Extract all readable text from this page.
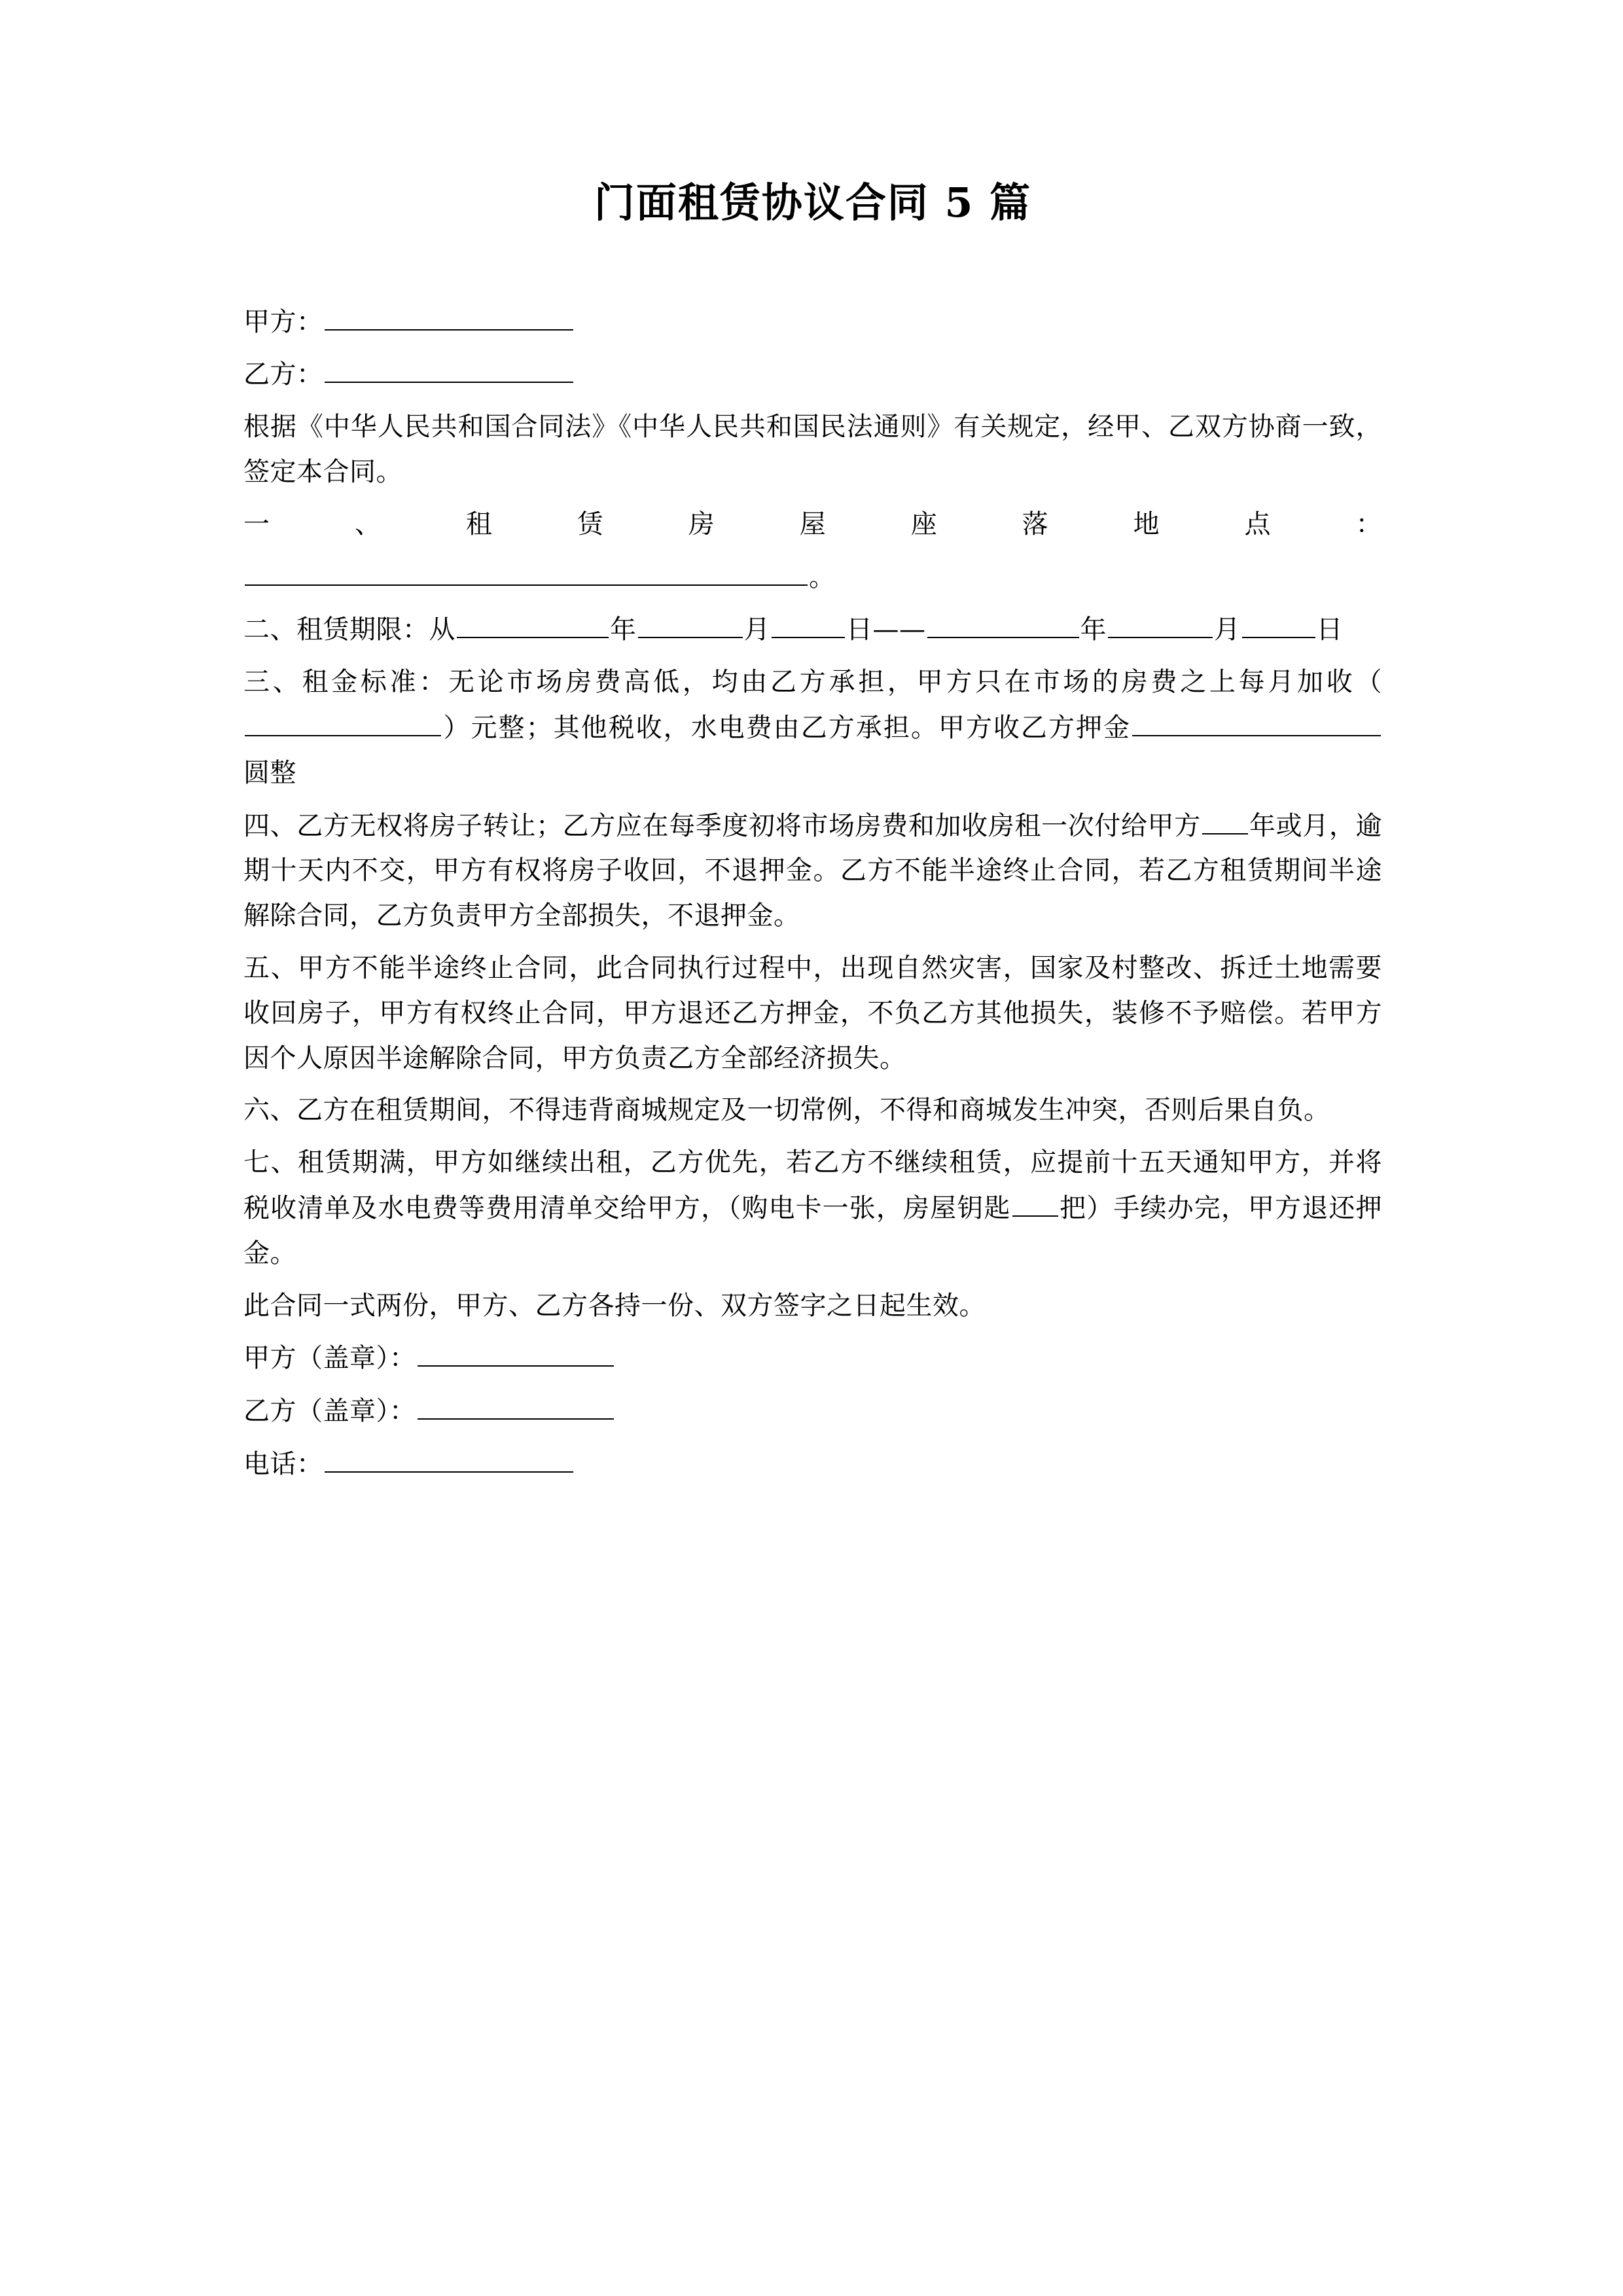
门面租赁协议合同 5 篇

甲方：

乙方：

根据《中华人民共和国合同法》《中华人民共和国民法通则》有关规定，经甲、乙双方协商一致，签定本合同。

一、租赁房屋座落地点：

。

二、租赁期限：从	年	月	日——	年	月	日

三、租金标准：无论市场房费高低，均由乙方承担，甲方只在市场的房费之上每月加收（）元整；其他税收，水电费由乙方承担。甲方收乙方押金圆整

四、乙方无权将房子转让；乙方应在每季度初将市场房费和加收房租一次付给甲方 年或月，逾期十天内不交，甲方有权将房子收回，不退押金。乙方不能半途终止合同，若乙方租赁期间半途解除合同，乙方负责甲方全部损失，不退押金。

五、甲方不能半途终止合同，此合同执行过程中，出现自然灾害，国家及村整改、拆迁土地需要收回房子，甲方有权终止合同，甲方退还乙方押金，不负乙方其他损失，装修不予赔偿。若甲方因个人原因半途解除合同，甲方负责乙方全部经济损失。

六、乙方在租赁期间，不得违背商城规定及一切常例，不得和商城发生冲突，否则后果自负。

七、租赁期满，甲方如继续出租，乙方优先，若乙方不继续租赁，应提前十五天通知甲方，并将税收清单及水电费等费用清单交给甲方，（购电卡一张，房屋钥匙 把）手续办完，甲方退还押金。

此合同一式两份，甲方、乙方各持一份、双方签字之日起生效。

甲方（盖章）：

乙方（盖章）：

电话：
